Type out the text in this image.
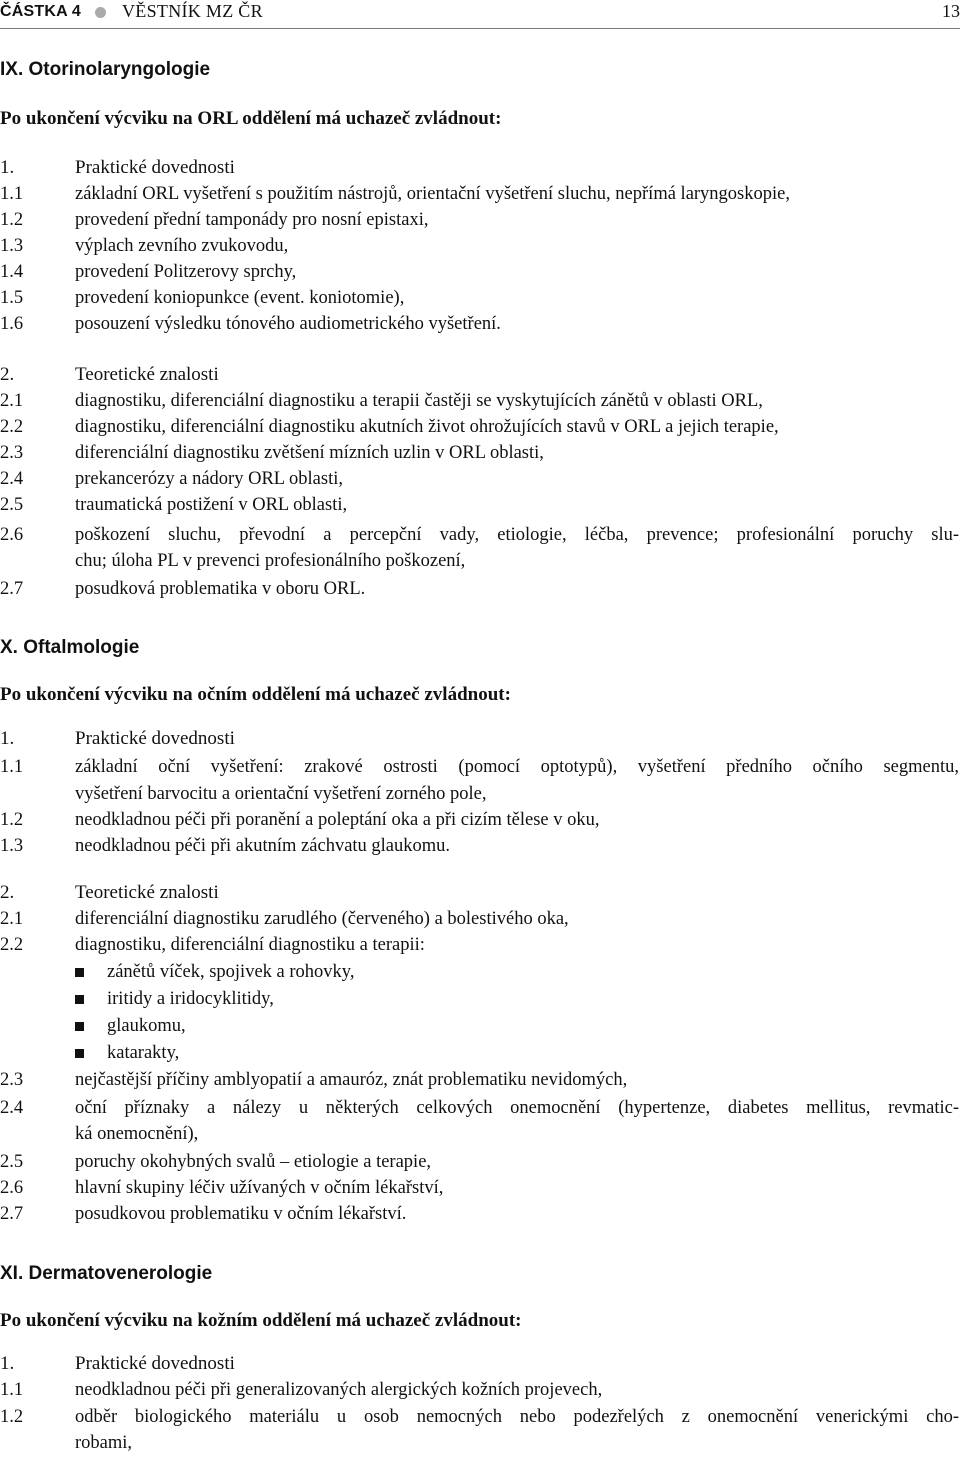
ČÁSTKA 4 VĚSTNÍK MZ ČR	13
IX. Otorinolaryngologie
Po ukončení výcviku na ORL oddělení má uchazeč zvládnout:
1.	Praktické dovednosti
1.1	základní ORL vyšetření s použitím nástrojů, orientační vyšetření sluchu, nepřímá laryngoskopie,
1.2	provedení přední tamponády pro nosní epistaxi,
1.3	výplach zevního zvukovodu,
1.4	provedení Politzerovy sprchy,
1.5	provedení koniopunkce (event. koniotomie),
1.6	posouzení výsledku tónového audiometrického vyšetření.
2.	Teoretické znalosti
2.1	diagnostiku, diferenciální diagnostiku a terapii častěji se vyskytujících zánětů v oblasti ORL,
2.2	diagnostiku, diferenciální diagnostiku akutních život ohrožujících stavů v ORL a jejich terapie,
2.3	diferenciální diagnostiku zvětšení mízních uzlin v ORL oblasti,
2.4	prekancerózy a nádory ORL oblasti,
2.5	traumatická postižení v ORL oblasti,
2.6	poškození sluchu, převodní a percepční vady, etiologie, léčba, prevence; profesionální poruchy slu-
chu; úloha PL v prevenci profesionálního poškození,
2.7	posudková problematika v oboru ORL.
X. Oftalmologie
Po ukončení výcviku na očním oddělení má uchazeč zvládnout:
1.	Praktické dovednosti
1.1	základní oční vyšetření: zrakové ostrosti (pomocí optotypů), vyšetření předního očního segmentu,
vyšetření barvocitu a orientační vyšetření zorného pole,
1.2	neodkladnou péči při poranění a poleptání oka a při cizím tělese v oku,
1.3	neodkladnou péči při akutním záchvatu glaukomu.
2.	Teoretické znalosti
2.1	diferenciální diagnostiku zarudlého (červeného) a bolestivého oka,
2.2	diagnostiku, diferenciální diagnostiku a terapii:
zánětů víček, spojivek a rohovky,
iritidy a iridocyklitidy,
glaukomu,
katarakty,
2.3	nejčastější příčiny amblyopatií a amauróz, znát problematiku nevidomých,
2.4	oční příznaky a nálezy u některých celkových onemocnění (hypertenze, diabetes mellitus, revmatic-
ká onemocnění),
2.5	poruchy okohybných svalů – etiologie a terapie,
2.6	hlavní skupiny léčiv užívaných v očním lékařství,
2.7	posudkovou problematiku v očním lékařství.
XI. Dermatovenerologie
Po ukončení výcviku na kožním oddělení má uchazeč zvládnout:
1.	Praktické dovednosti
1.1	neodkladnou péči při generalizovaných alergických kožních projevech,
1.2	odběr biologického materiálu u osob nemocných nebo podezřelých z onemocnění venerickými cho-
robami,
